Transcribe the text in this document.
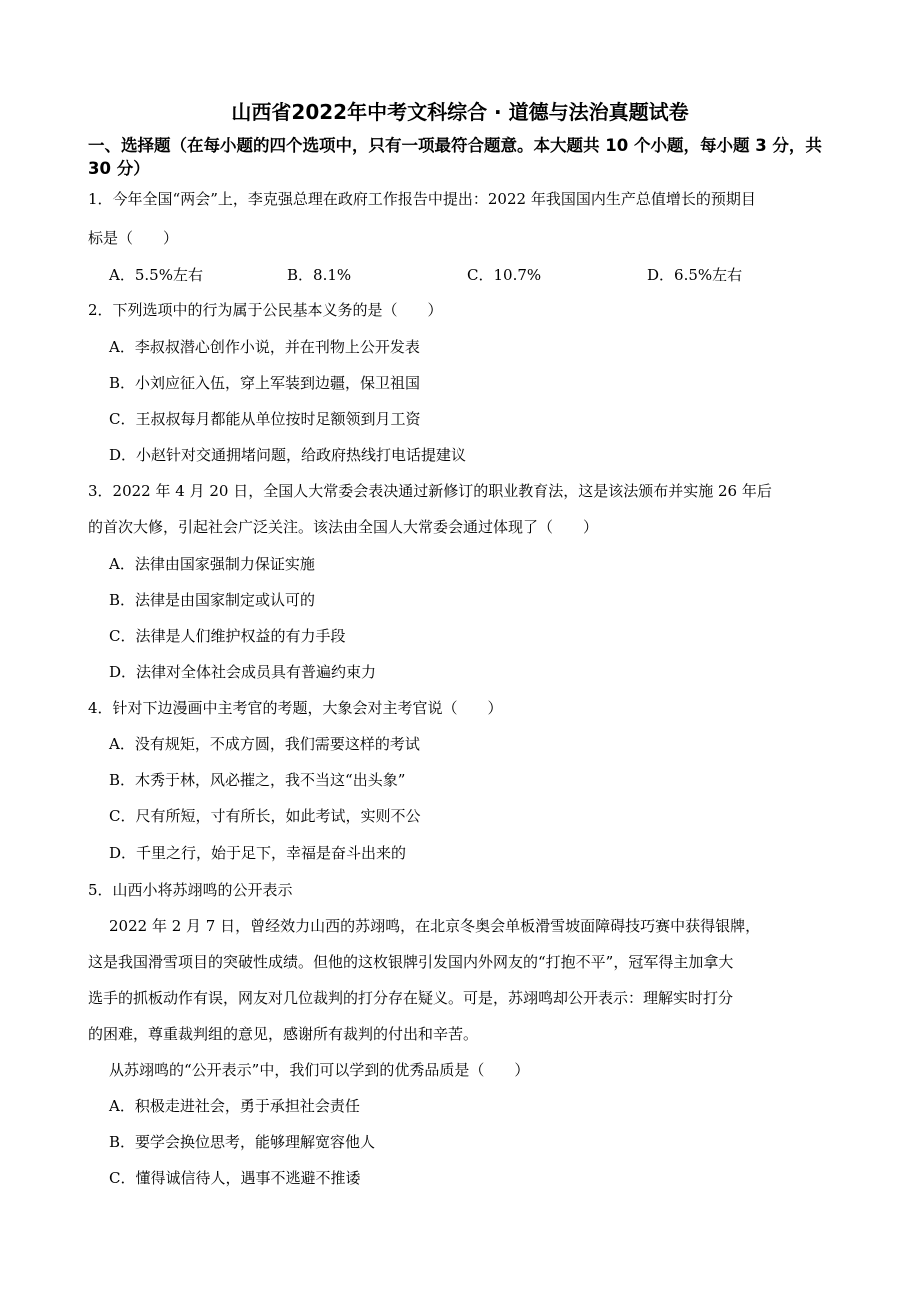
山西省2022年中考文科综合 · 道德与法治真题试卷
一、选择题（在每小题的四个选项中，只有一项最符合题意。本大题共 10 个小题，每小题 3 分，共 30 分）
1．今年全国“两会”上，李克强总理在政府工作报告中提出：2022 年我国国内生产总值增长的预期目
标是（　　）
A．5.5%左右	B．8.1%	C．10.7%	D．6.5%左右
2．下列选项中的行为属于公民基本义务的是（　　）
A．李叔叔潜心创作小说，并在刊物上公开发表
B．小刘应征入伍，穿上军装到边疆，保卫祖国
C．王叔叔每月都能从单位按时足额领到月工资
D．小赵针对交通拥堵问题，给政府热线打电话提建议
3．2022 年 4 月 20 日，全国人大常委会表决通过新修订的职业教育法，这是该法颁布并实施 26 年后
的首次大修，引起社会广泛关注。该法由全国人大常委会通过体现了（　　）
A．法律由国家强制力保证实施
B．法律是由国家制定或认可的
C．法律是人们维护权益的有力手段
D．法律对全体社会成员具有普遍约束力
4．针对下边漫画中主考官的考题，大象会对主考官说（　　）
A．没有规矩，不成方圆，我们需要这样的考试
B．木秀于林，风必摧之，我不当这“出头象”
C．尺有所短，寸有所长，如此考试，实则不公
D．千里之行，始于足下，幸福是奋斗出来的
5．山西小将苏翊鸣的公开表示
2022 年 2 月 7 日，曾经效力山西的苏翊鸣，在北京冬奥会单板滑雪坡面障碍技巧赛中获得银牌，
这是我国滑雪项目的突破性成绩。但他的这枚银牌引发国内外网友的“打抱不平”，冠军得主加拿大
选手的抓板动作有误，网友对几位裁判的打分存在疑义。可是，苏翊鸣却公开表示：理解实时打分
的困难，尊重裁判组的意见，感谢所有裁判的付出和辛苦。
从苏翊鸣的“公开表示”中，我们可以学到的优秀品质是（　　）
A．积极走进社会，勇于承担社会责任
B．要学会换位思考，能够理解宽容他人
C．懂得诚信待人，遇事不逃避不推诿
